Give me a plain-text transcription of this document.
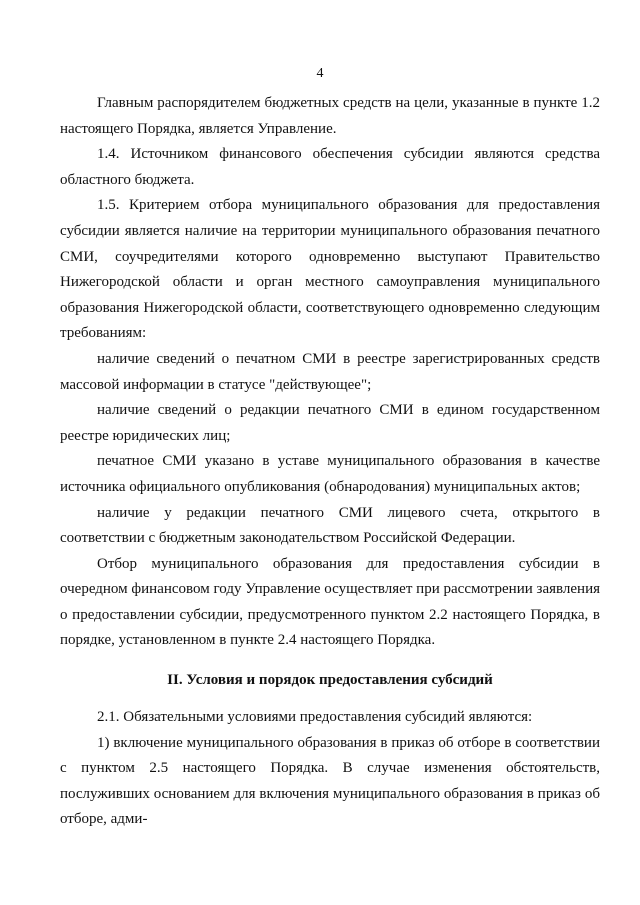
4

Главным распорядителем бюджетных средств на цели, указанные в пункте 1.2 настоящего Порядка, является Управление.

1.4. Источником финансового обеспечения субсидии являются средства областного бюджета.

1.5. Критерием отбора муниципального образования для предоставления субсидии является наличие на территории муниципального образования печатного СМИ, соучредителями которого одновременно выступают Правительство Нижегородской области и орган местного самоуправления муниципального образования Нижегородской области, соответствующего одновременно следующим требованиям:

наличие сведений о печатном СМИ в реестре зарегистрированных средств массовой информации в статусе "действующее";

наличие сведений о редакции печатного СМИ в едином государственном реестре юридических лиц;

печатное СМИ указано в уставе муниципального образования в качестве источника официального опубликования (обнародования) муниципальных актов;

наличие у редакции печатного СМИ лицевого счета, открытого в соответствии с бюджетным законодательством Российской Федерации.

Отбор муниципального образования для предоставления субсидии в очередном финансовом году Управление осуществляет при рассмотрении заявления о предоставлении субсидии, предусмотренного пунктом 2.2 настоящего Порядка, в порядке, установленном в пункте 2.4 настоящего Порядка.

II. Условия и порядок предоставления субсидий

2.1. Обязательными условиями предоставления субсидий являются:

1) включение муниципального образования в приказ об отборе в соответствии с пунктом 2.5 настоящего Порядка. В случае изменения обстоятельств, послуживших основанием для включения муниципального образования в приказ об отборе, адми-
